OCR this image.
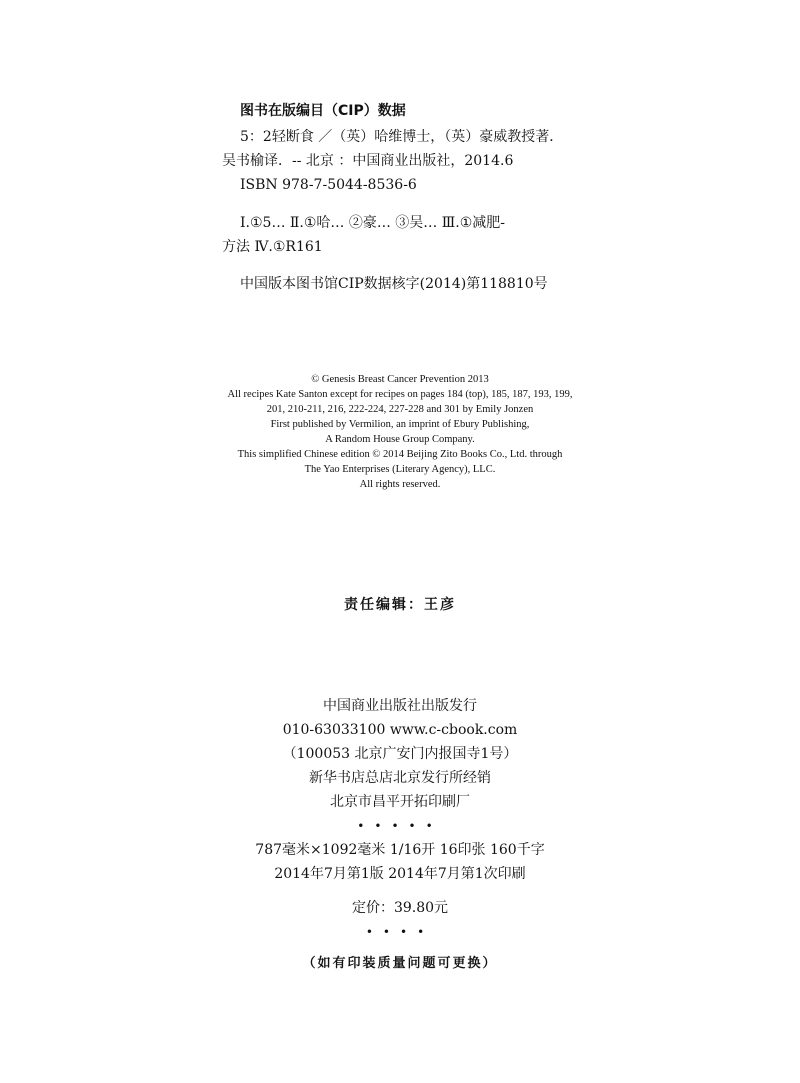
图书在版编目（CIP）数据
5：2轻断食 ／（英）哈维博士，（英）豪威教授著．
吴书榆译．-- 北京 ：中国商业出版社，2014.6
ISBN 978-7-5044-8536-6
Ⅰ.①5… Ⅱ.①哈… ②豪… ③吴… Ⅲ.①减肥-
方法 Ⅳ.①R161
中国版本图书馆CIP数据核字(2014)第118810号
© Genesis Breast Cancer Prevention 2013
All recipes Kate Santon except for recipes on pages 184 (top), 185, 187, 193, 199,
201, 210-211, 216, 222-224, 227-228 and 301 by Emily Jonzen
First published by Vermilion, an imprint of Ebury Publishing,
A Random House Group Company.
This simplified Chinese edition © 2014 Beijing Zito Books Co., Ltd. through
The Yao Enterprises (Literary Agency), LLC.
All rights reserved.
责任编辑：王彦
中国商业出版社出版发行
010-63033100 www.c-cbook.com
（100053 北京广安门内报国寺1号）
新华书店总店北京发行所经销
北京市昌平开拓印刷厂
•••••
787毫米×1092毫米 1/16开 16印张 160千字
2014年7月第1版 2014年7月第1次印刷
定价：39.80元
••••
（如有印装质量问题可更换）
